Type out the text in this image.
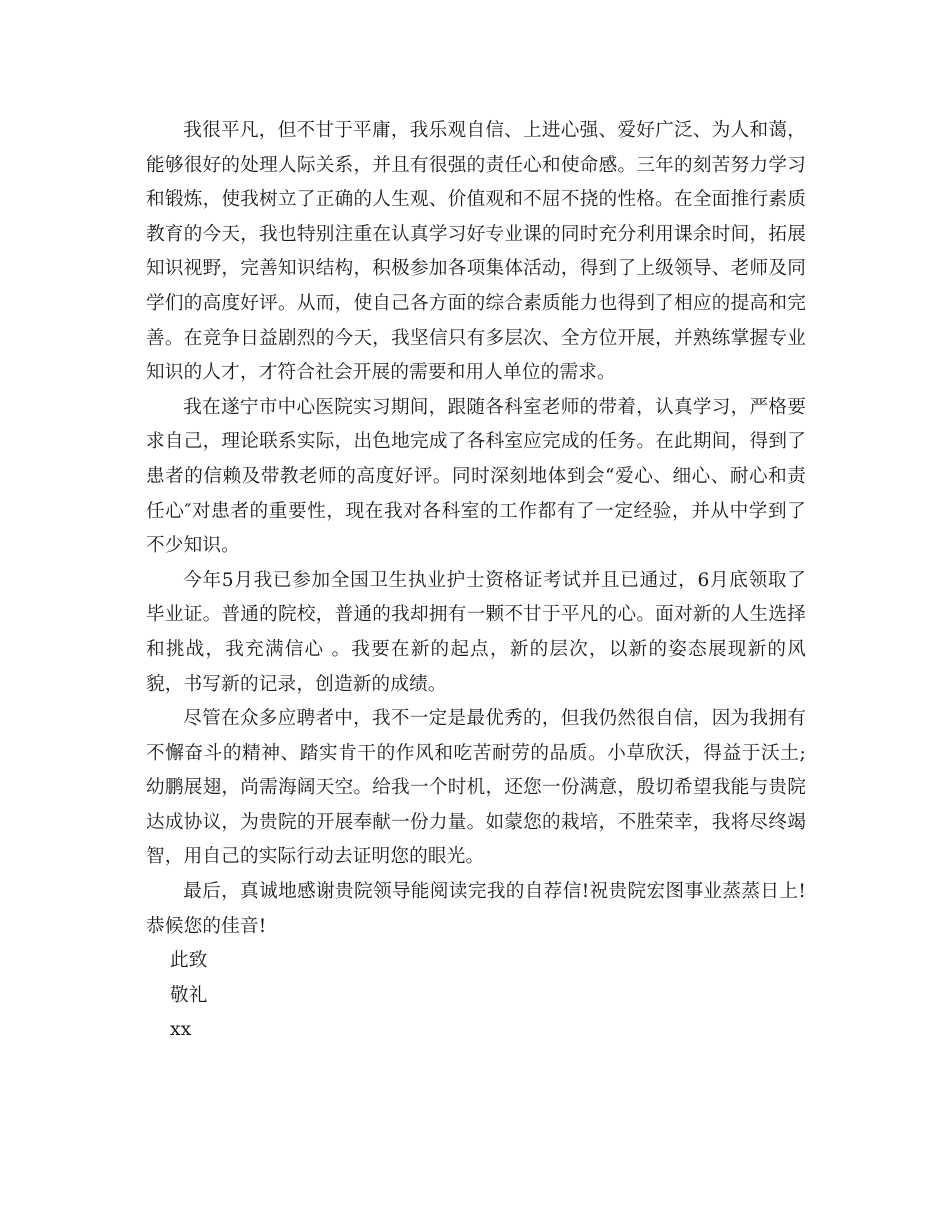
我很平凡，但不甘于平庸，我乐观自信、上进心强、爱好广泛、为人和蔼，能够很好的处理人际关系，并且有很强的责任心和使命感。三年的刻苦努力学习和锻炼，使我树立了正确的人生观、价值观和不屈不挠的性格。在全面推行素质教育的今天，我也特别注重在认真学习好专业课的同时充分利用课余时间，拓展知识视野，完善知识结构，积极参加各项集体活动，得到了上级领导、老师及同学们的高度好评。从而，使自己各方面的综合素质能力也得到了相应的提高和完善。在竞争日益剧烈的今天，我坚信只有多层次、全方位开展，并熟练掌握专业知识的人才，才符合社会开展的需要和用人单位的需求。

我在遂宁市中心医院实习期间，跟随各科室老师的带着，认真学习，严格要求自己，理论联系实际，出色地完成了各科室应完成的任务。在此期间，得到了患者的信赖及带教老师的高度好评。同时深刻地体到会“爱心、细心、耐心和责任心″对患者的重要性，现在我对各科室的工作都有了一定经验，并从中学到了不少知识。

今年5月我已参加全国卫生执业护士资格证考试并且已通过，6月底领取了毕业证。普通的院校，普通的我却拥有一颗不甘于平凡的心。面对新的人生选择和挑战，我充满信心 。我要在新的起点，新的层次，以新的姿态展现新的风貌，书写新的记录，创造新的成绩。

尽管在众多应聘者中，我不一定是最优秀的，但我仍然很自信，因为我拥有不懈奋斗的精神、踏实肯干的作风和吃苦耐劳的品质。小草欣沃，得益于沃土;幼鹏展翅，尚需海阔天空。给我一个时机，还您一份满意，殷切希望我能与贵院达成协议，为贵院的开展奉献一份力量。如蒙您的栽培，不胜荣幸，我将尽终竭智，用自己的实际行动去证明您的眼光。

最后，真诚地感谢贵院领导能阅读完我的自荐信!祝贵院宏图事业蒸蒸日上!恭候您的佳音!

此致

敬礼

xx
